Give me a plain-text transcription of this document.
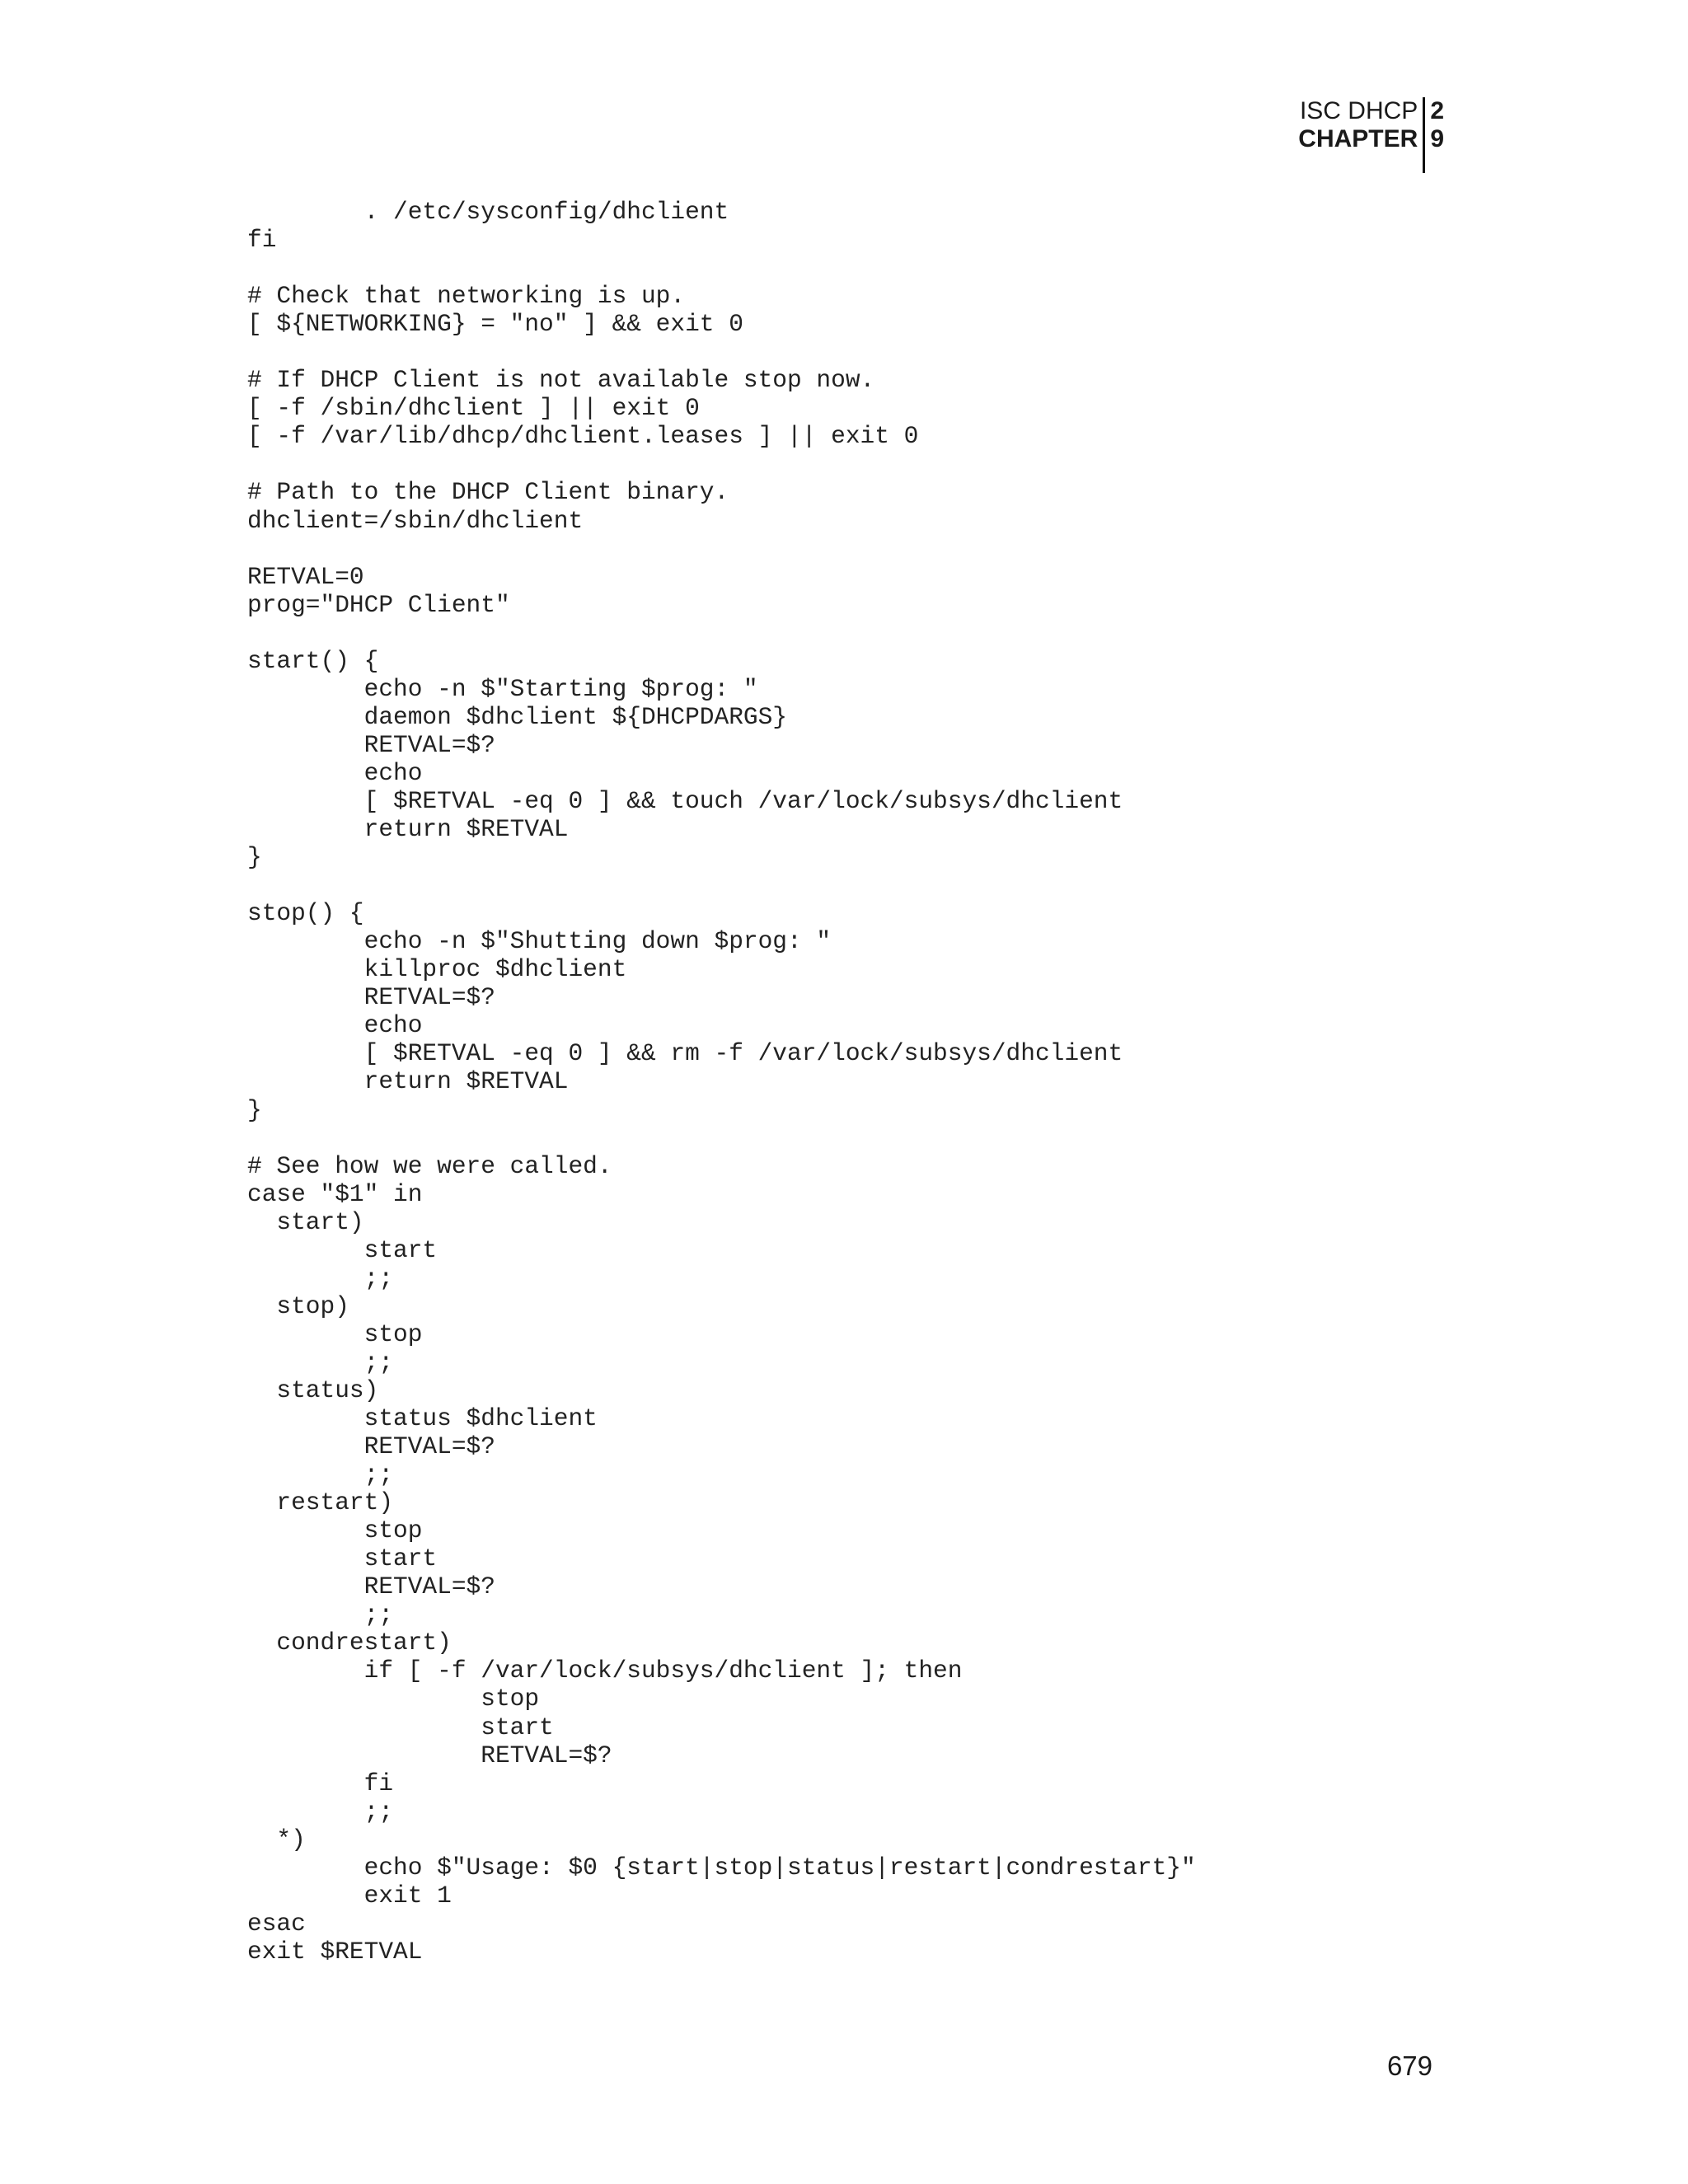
ISC DHCP
CHAPTER
2
9
. /etc/sysconfig/dhclient
fi
# Check that networking is up.
[ ${NETWORKING} = "no" ] && exit 0
# If DHCP Client is not available stop now.
[ -f /sbin/dhclient ] || exit 0
[ -f /var/lib/dhcp/dhclient.leases ] || exit 0
# Path to the DHCP Client binary.
dhclient=/sbin/dhclient
RETVAL=0
prog="DHCP Client"
start() {
echo -n $"Starting $prog: "
daemon $dhclient ${DHCPDARGS}
RETVAL=$?
echo
[ $RETVAL -eq 0 ] && touch /var/lock/subsys/dhclient
return $RETVAL
}
stop() {
echo -n $"Shutting down $prog: "
killproc $dhclient
RETVAL=$?
echo
[ $RETVAL -eq 0 ] && rm -f /var/lock/subsys/dhclient
return $RETVAL
}
# See how we were called.
case "$1" in
start)
start
;;
stop)
stop
;;
status)
status $dhclient
RETVAL=$?
;;
restart)
stop
start
RETVAL=$?
;;
condrestart)
if [ -f /var/lock/subsys/dhclient ]; then
stop
start
RETVAL=$?
fi
;;
*)
echo $"Usage: $0 {start|stop|status|restart|condrestart}"
exit 1
esac
exit $RETVAL
679
